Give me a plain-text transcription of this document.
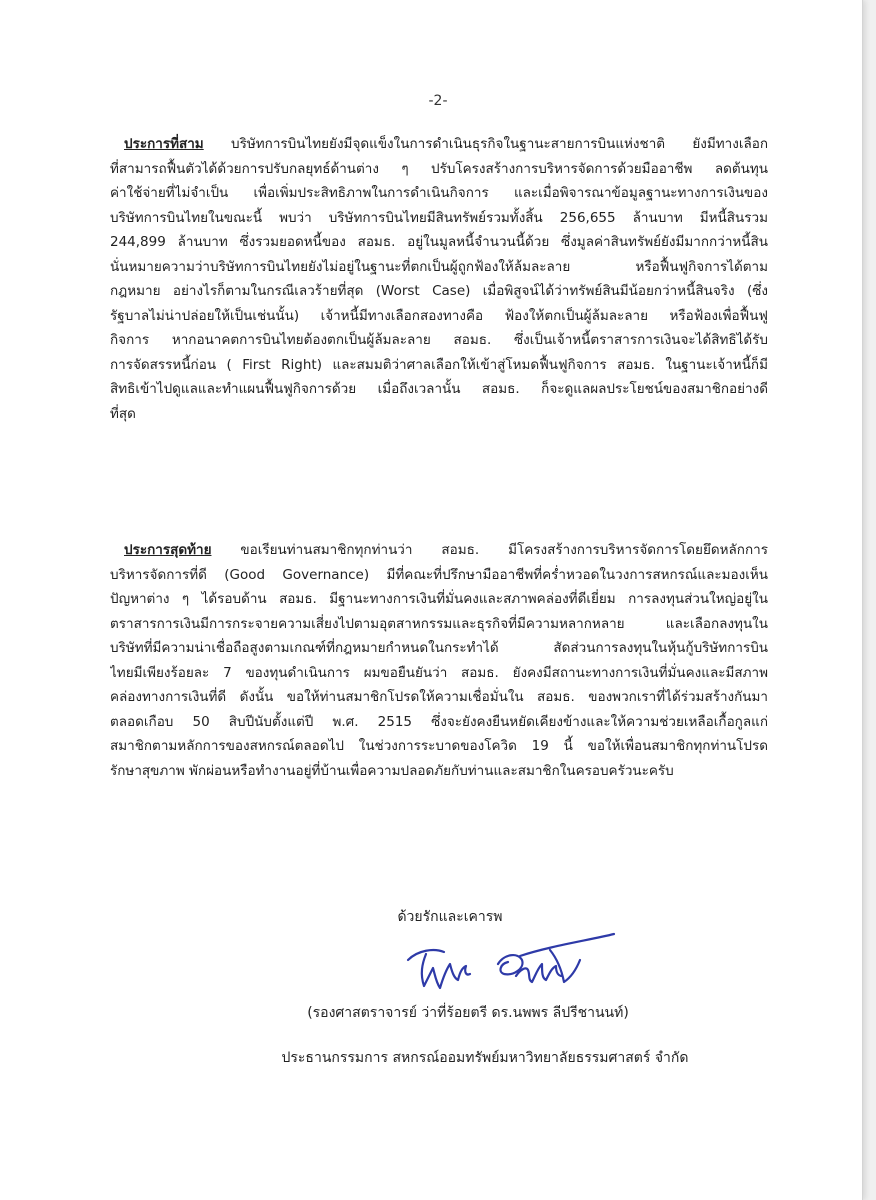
-2-
ประการที่สาม บริษัทการบินไทยยังมีจุดแข็งในการดำเนินธุรกิจในฐานะสายการบินแห่งชาติ ยังมีทางเลือก
ที่สามารถฟื้นตัวได้ด้วยการปรับกลยุทธ์ด้านต่าง ๆ ปรับโครงสร้างการบริหารจัดการด้วยมืออาชีพ ลดต้นทุน
ค่าใช้จ่ายที่ไม่จำเป็น เพื่อเพิ่มประสิทธิภาพในการดำเนินกิจการ และเมื่อพิจารณาข้อมูลฐานะทางการเงินของ
บริษัทการบินไทยในขณะนี้ พบว่า บริษัทการบินไทยมีสินทรัพย์รวมทั้งสิ้น 256,655 ล้านบาท มีหนี้สินรวม
244,899 ล้านบาท ซึ่งรวมยอดหนี้ของ สอมธ. อยู่ในมูลหนี้จำนวนนี้ด้วย ซึ่งมูลค่าสินทรัพย์ยังมีมากกว่าหนี้สิน
นั่นหมายความว่าบริษัทการบินไทยยังไม่อยู่ในฐานะที่ตกเป็นผู้ถูกฟ้องให้ล้มละลาย หรือฟื้นฟูกิจการได้ตาม
กฎหมาย อย่างไรก็ตามในกรณีเลวร้ายที่สุด (Worst Case) เมื่อพิสูจน์ได้ว่าทรัพย์สินมีน้อยกว่าหนี้สินจริง (ซึ่ง
รัฐบาลไม่น่าปล่อยให้เป็นเช่นนั้น) เจ้าหนี้มีทางเลือกสองทางคือ ฟ้องให้ตกเป็นผู้ล้มละลาย หรือฟ้องเพื่อฟื้นฟู
กิจการ หากอนาคตการบินไทยต้องตกเป็นผู้ล้มละลาย สอมธ. ซึ่งเป็นเจ้าหนี้ตราสารการเงินจะได้สิทธิได้รับ
การจัดสรรหนี้ก่อน ( First Right) และสมมติว่าศาลเลือกให้เข้าสู่โหมดฟื้นฟูกิจการ สอมธ. ในฐานะเจ้าหนี้ก็มี
สิทธิเข้าไปดูแลและทำแผนฟื้นฟูกิจการด้วย เมื่อถึงเวลานั้น สอมธ. ก็จะดูแลผลประโยชน์ของสมาชิกอย่างดี
ที่สุด
ประการสุดท้าย ขอเรียนท่านสมาชิกทุกท่านว่า สอมธ. มีโครงสร้างการบริหารจัดการโดยยึดหลักการ
บริหารจัดการที่ดี (Good Governance) มีที่คณะที่ปรึกษามืออาชีพที่คร่ำหวอดในวงการสหกรณ์และมองเห็น
ปัญหาต่าง ๆ ได้รอบด้าน สอมธ. มีฐานะทางการเงินที่มั่นคงและสภาพคล่องที่ดีเยี่ยม การลงทุนส่วนใหญ่อยู่ใน
ตราสารการเงินมีการกระจายความเสี่ยงไปตามอุตสาหกรรมและธุรกิจที่มีความหลากหลาย และเลือกลงทุนใน
บริษัทที่มีความน่าเชื่อถือสูงตามเกณฑ์ที่กฎหมายกำหนดในกระทำได้ สัดส่วนการลงทุนในหุ้นกู้บริษัทการบิน
ไทยมีเพียงร้อยละ 7 ของทุนดำเนินการ ผมขอยืนยันว่า สอมธ. ยังคงมีสถานะทางการเงินที่มั่นคงและมีสภาพ
คล่องทางการเงินที่ดี ดังนั้น ขอให้ท่านสมาชิกโปรดให้ความเชื่อมั่นใน สอมธ. ของพวกเราที่ได้ร่วมสร้างกันมา
ตลอดเกือบ 50 สิบปีนับตั้งแต่ปี พ.ศ. 2515 ซึ่งจะยังคงยืนหยัดเคียงข้างและให้ความช่วยเหลือเกื้อกูลแก่
สมาชิกตามหลักการของสหกรณ์ตลอดไป ในช่วงการระบาดของโควิด 19 นี้ ขอให้เพื่อนสมาชิกทุกท่านโปรด
รักษาสุขภาพ พักผ่อนหรือทำงานอยู่ที่บ้านเพื่อความปลอดภัยกับท่านและสมาชิกในครอบครัวนะครับ
ด้วยรักและเคารพ
(รองศาสตราจารย์ ว่าที่ร้อยตรี ดร.นพพร ลีปรีชานนท์)
ประธานกรรมการ สหกรณ์ออมทรัพย์มหาวิทยาลัยธรรมศาสตร์ จำกัด
